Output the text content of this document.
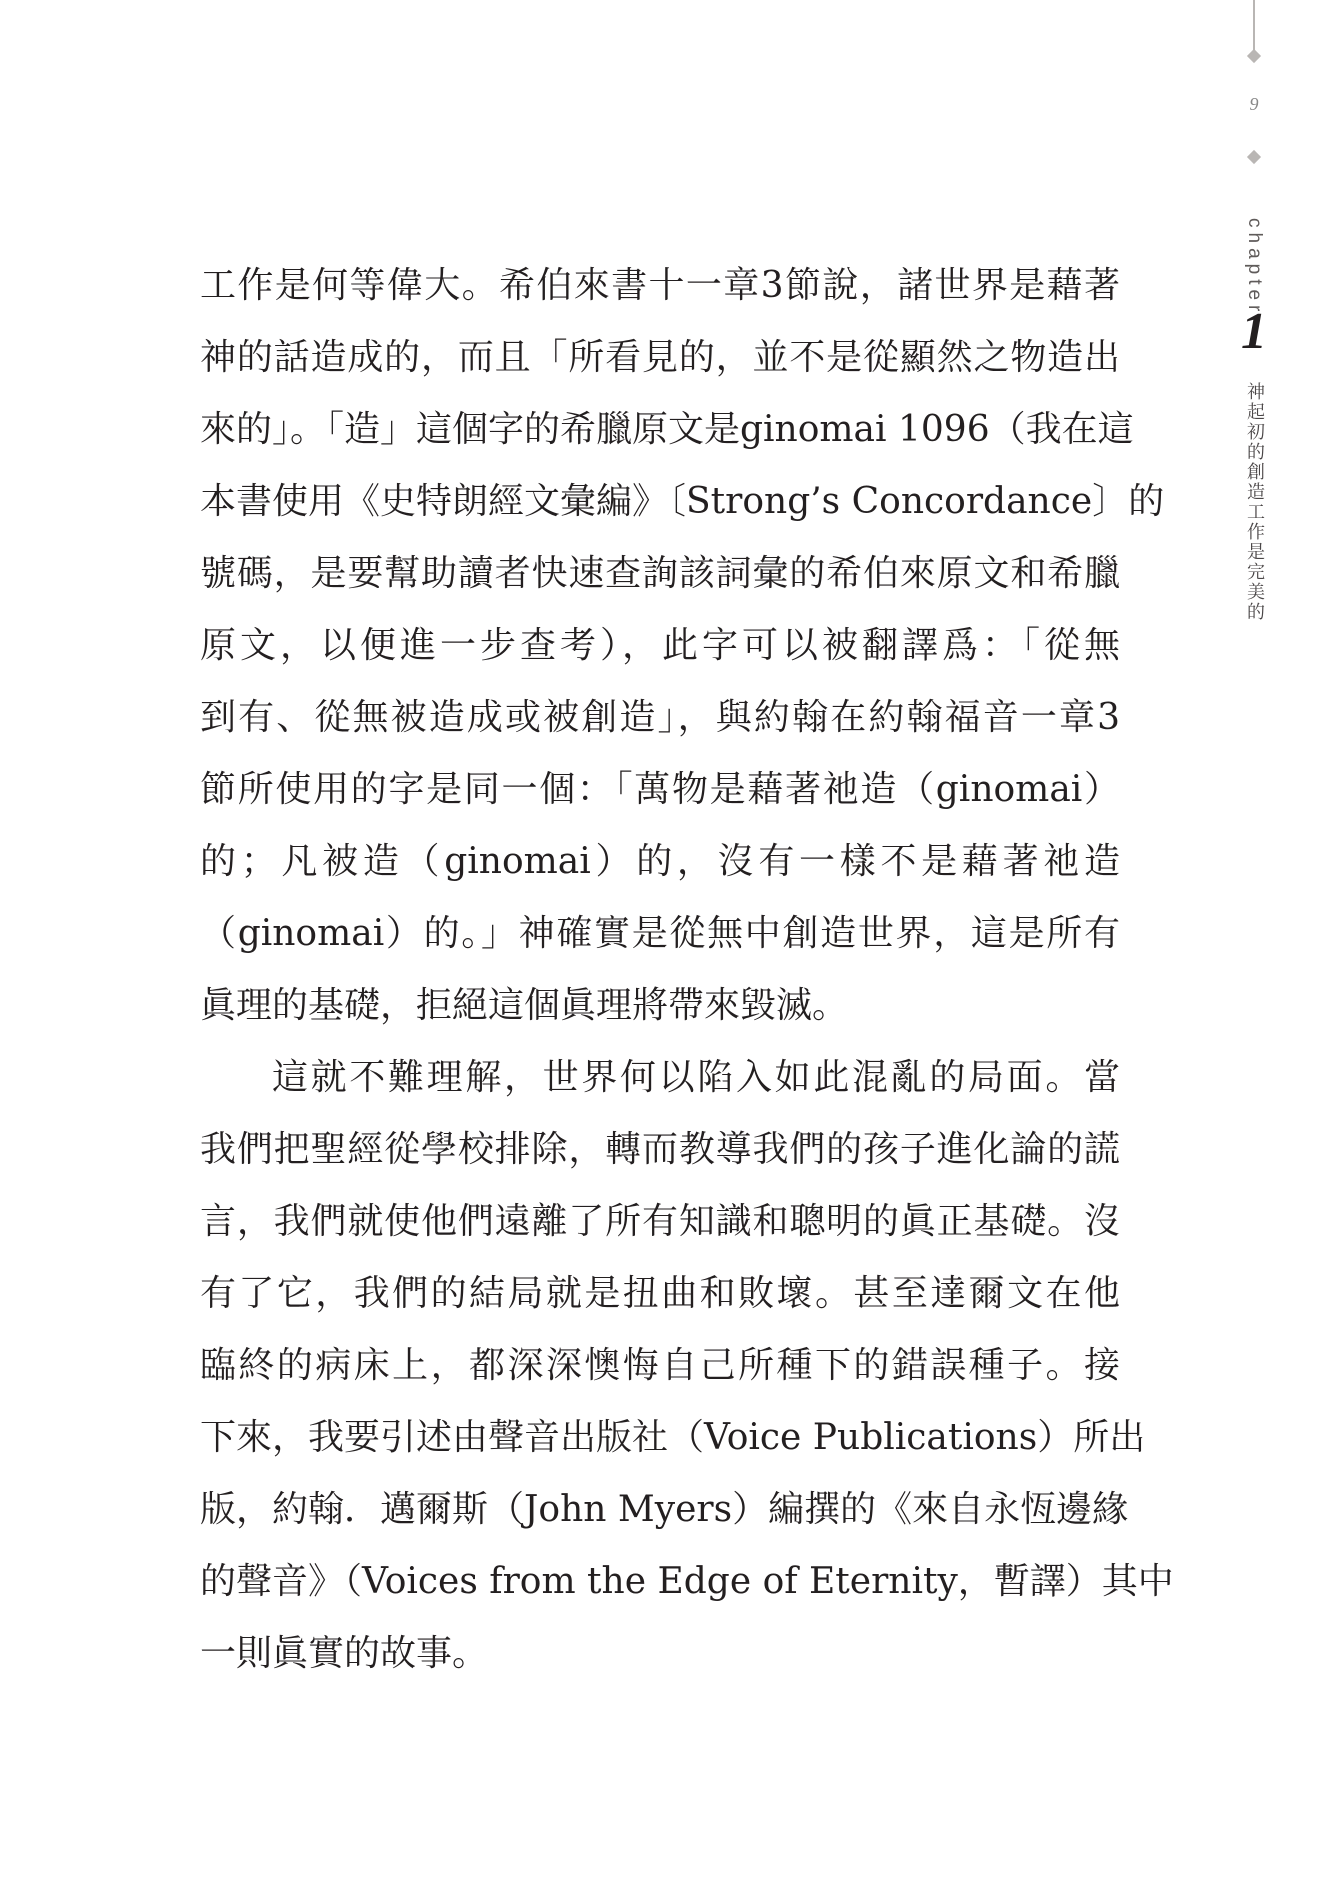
9
chapter
1
神起初的創造工作是完美的
工作是何等偉大。希伯來書十一章3節說，諸世界是藉著
神的話造成的，而且「所看見的，並不是從顯然之物造出
來的」。「造」這個字的希臘原文是ginomai 1096（我在這
本書使用《史特朗經文彙編》〔Strong’s Concordance〕的
號碼，是要幫助讀者快速查詢該詞彙的希伯來原文和希臘
原文，以便進一步查考），此字可以被翻譯爲：「從無
到有、從無被造成或被創造」，與約翰在約翰福音一章3
節所使用的字是同一個：「萬物是藉著祂造（ginomai）
的；凡被造（ginomai）的，沒有一樣不是藉著祂造
（ginomai）的。」神確實是從無中創造世界，這是所有
眞理的基礎，拒絕這個眞理將帶來毀滅。
這就不難理解，世界何以陷入如此混亂的局面。當
我們把聖經從學校排除，轉而教導我們的孩子進化論的謊
言，我們就使他們遠離了所有知識和聰明的眞正基礎。沒
有了它，我們的結局就是扭曲和敗壞。甚至達爾文在他
臨終的病床上，都深深懊悔自己所種下的錯誤種子。接
下來，我要引述由聲音出版社（Voice Publications）所出
版，約翰．邁爾斯（John Myers）編撰的《來自永恆邊緣
的聲音》（Voices from the Edge of Eternity，暫譯）其中
一則眞實的故事。
